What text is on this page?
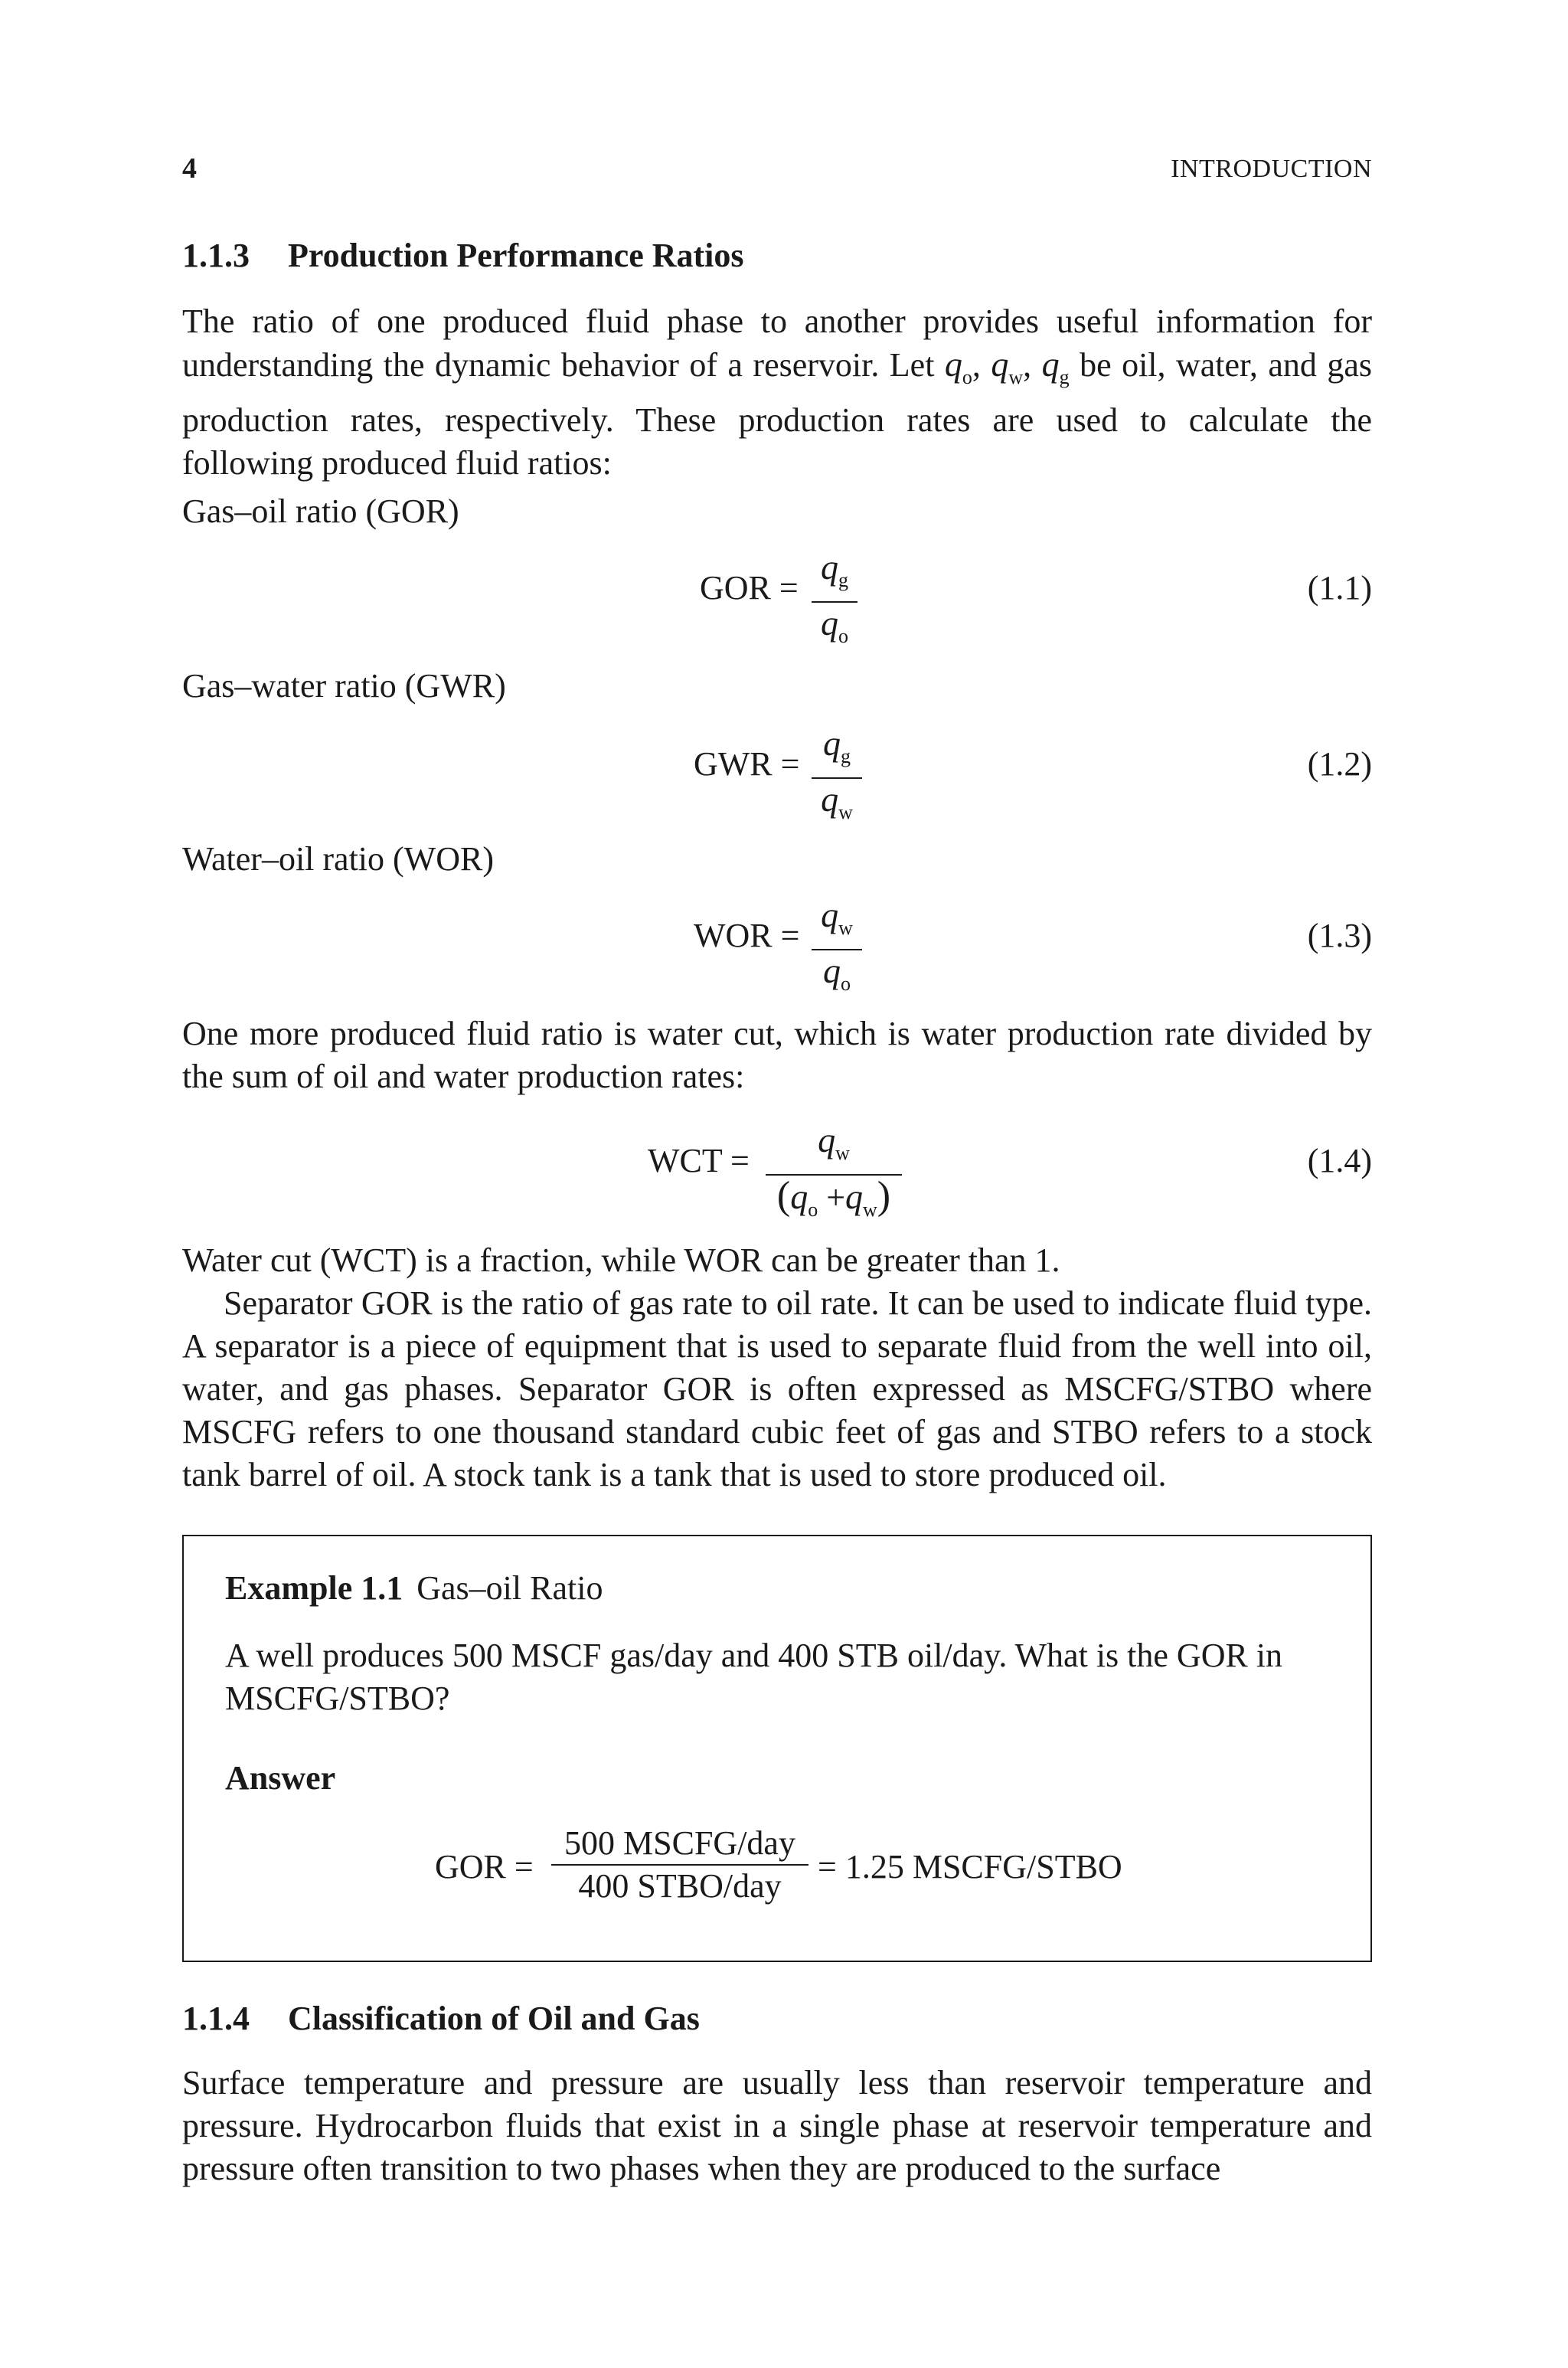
4	INTRODUCTION
1.1.3 Production Performance Ratios
The ratio of one produced fluid phase to another provides useful information for understanding the dynamic behavior of a reservoir. Let $q_o$, $q_w$, $q_g$ be oil, water, and gas production rates, respectively. These production rates are used to calculate the following produced fluid ratios:
Gas–oil ratio (GOR)
GOR =
$q_g$
$q_o$
(1.1)
Gas–water ratio (GWR)
GWR =
$q_g$
$q_w$
(1.2)
Water–oil ratio (WOR)
WOR =
$q_w$
$q_o$
(1.3)
One more produced fluid ratio is water cut, which is water production rate divided by the sum of oil and water production rates:
WCT =
$q_w$
$(q_o +q_w)$
(1.4)
Water cut (WCT) is a fraction, while WOR can be greater than 1.
Separator GOR is the ratio of gas rate to oil rate. It can be used to indicate fluid type. A separator is a piece of equipment that is used to separate fluid from the well into oil, water, and gas phases. Separator GOR is often expressed as MSCFG/STBO where MSCFG refers to one thousand standard cubic feet of gas and STBO refers to a stock tank barrel of oil. A stock tank is a tank that is used to store produced oil.
Example 1.1 Gas–oil Ratio
A well produces 500 MSCF gas/day and 400 STB oil/day. What is the GOR in MSCFG/STBO?
Answer
GOR =
500 MSCFG/day
400 STBO/day
= 1.25 MSCFG/STBO
1.1.4 Classification of Oil and Gas
Surface temperature and pressure are usually less than reservoir temperature and pressure. Hydrocarbon fluids that exist in a single phase at reservoir temperature and pressure often transition to two phases when they are produced to the surface
